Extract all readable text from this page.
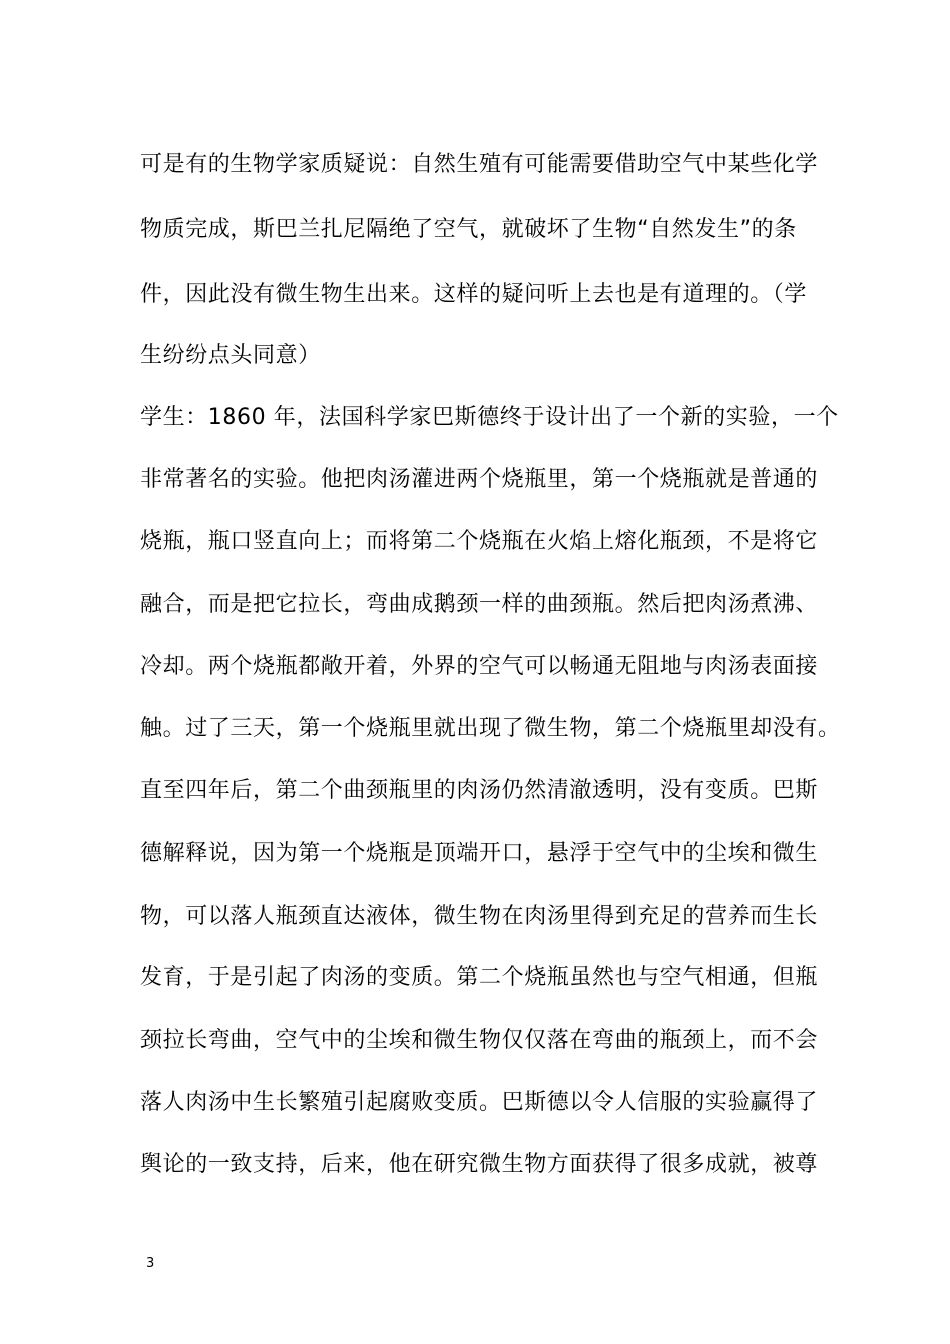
可是有的生物学家质疑说：自然生殖有可能需要借助空气中某些化学
物质完成，斯巴兰扎尼隔绝了空气，就破坏了生物“自然发生”的条
件，因此没有微生物生出来。这样的疑问听上去也是有道理的。（学
生纷纷点头同意）
学生：1860 年，法国科学家巴斯德终于设计出了一个新的实验，一个
非常著名的实验。他把肉汤灌进两个烧瓶里，第一个烧瓶就是普通的
烧瓶，瓶口竖直向上；而将第二个烧瓶在火焰上熔化瓶颈，不是将它
融合，而是把它拉长，弯曲成鹅颈一样的曲颈瓶。然后把肉汤煮沸、
冷却。两个烧瓶都敞开着，外界的空气可以畅通无阻地与肉汤表面接
触。过了三天，第一个烧瓶里就出现了微生物，第二个烧瓶里却没有。
直至四年后，第二个曲颈瓶里的肉汤仍然清澈透明，没有变质。巴斯
德解释说，因为第一个烧瓶是顶端开口，悬浮于空气中的尘埃和微生
物，可以落人瓶颈直达液体，微生物在肉汤里得到充足的营养而生长
发育，于是引起了肉汤的变质。第二个烧瓶虽然也与空气相通，但瓶
颈拉长弯曲，空气中的尘埃和微生物仅仅落在弯曲的瓶颈上，而不会
落人肉汤中生长繁殖引起腐败变质。巴斯德以令人信服的实验赢得了
舆论的一致支持，后来，他在研究微生物方面获得了很多成就，被尊
3
